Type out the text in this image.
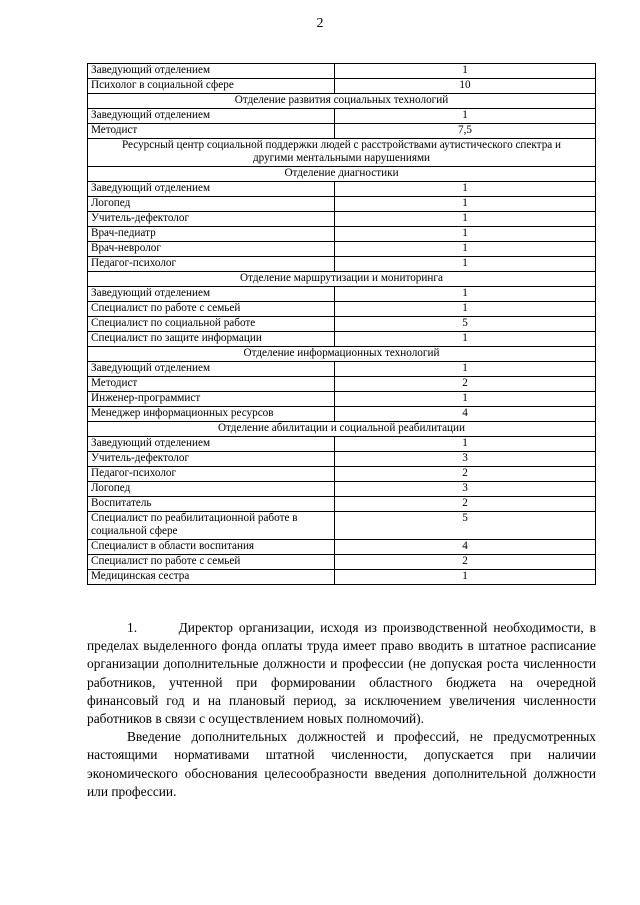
2
Заведующий отделением	1
Психолог в социальной сфере	10
Отделение развития социальных технологий	
Заведующий отделением	1
Методист	7,5
Ресурсный центр социальной поддержки людей с расстройствами аутистического спектра и другими ментальными нарушениями	
Отделение диагностики	
Заведующий отделением	1
Логопед	1
Учитель-дефектолог	1
Врач-педиатр	1
Врач-невролог	1
Педагог-психолог	1
Отделение маршрутизации и мониторинга	
Заведующий отделением	1
Специалист по работе с семьей	1
Специалист по социальной работе	5
Специалист по защите информации	1
Отделение информационных технологий	
Заведующий отделением	1
Методист	2
Инженер-программист	1
Менеджер информационных ресурсов	4
Отделение абилитации и социальной реабилитации	
Заведующий отделением	1
Учитель-дефектолог	3
Педагог-психолог	2
Логопед	3
Воспитатель	2
Специалист по реабилитационной работе в социальной сфере	5
Специалист в области воспитания	4
Специалист по работе с семьей	2
Медицинская сестра	1

1.       Директор организации, исходя из производственной необходимости, в пределах выделенного фонда оплаты труда имеет право вводить в штатное расписание организации дополнительные должности и профессии (не допуская роста численности работников, учтенной при формировании областного бюджета на очередной финансовый год и на плановый период, за исключением увеличения численности работников в связи с осуществлением новых полномочий).

Введение дополнительных должностей и профессий, не предусмотренных настоящими нормативами штатной численности, допускается при наличии экономического обоснования целесообразности введения дополнительной должности или профессии.
